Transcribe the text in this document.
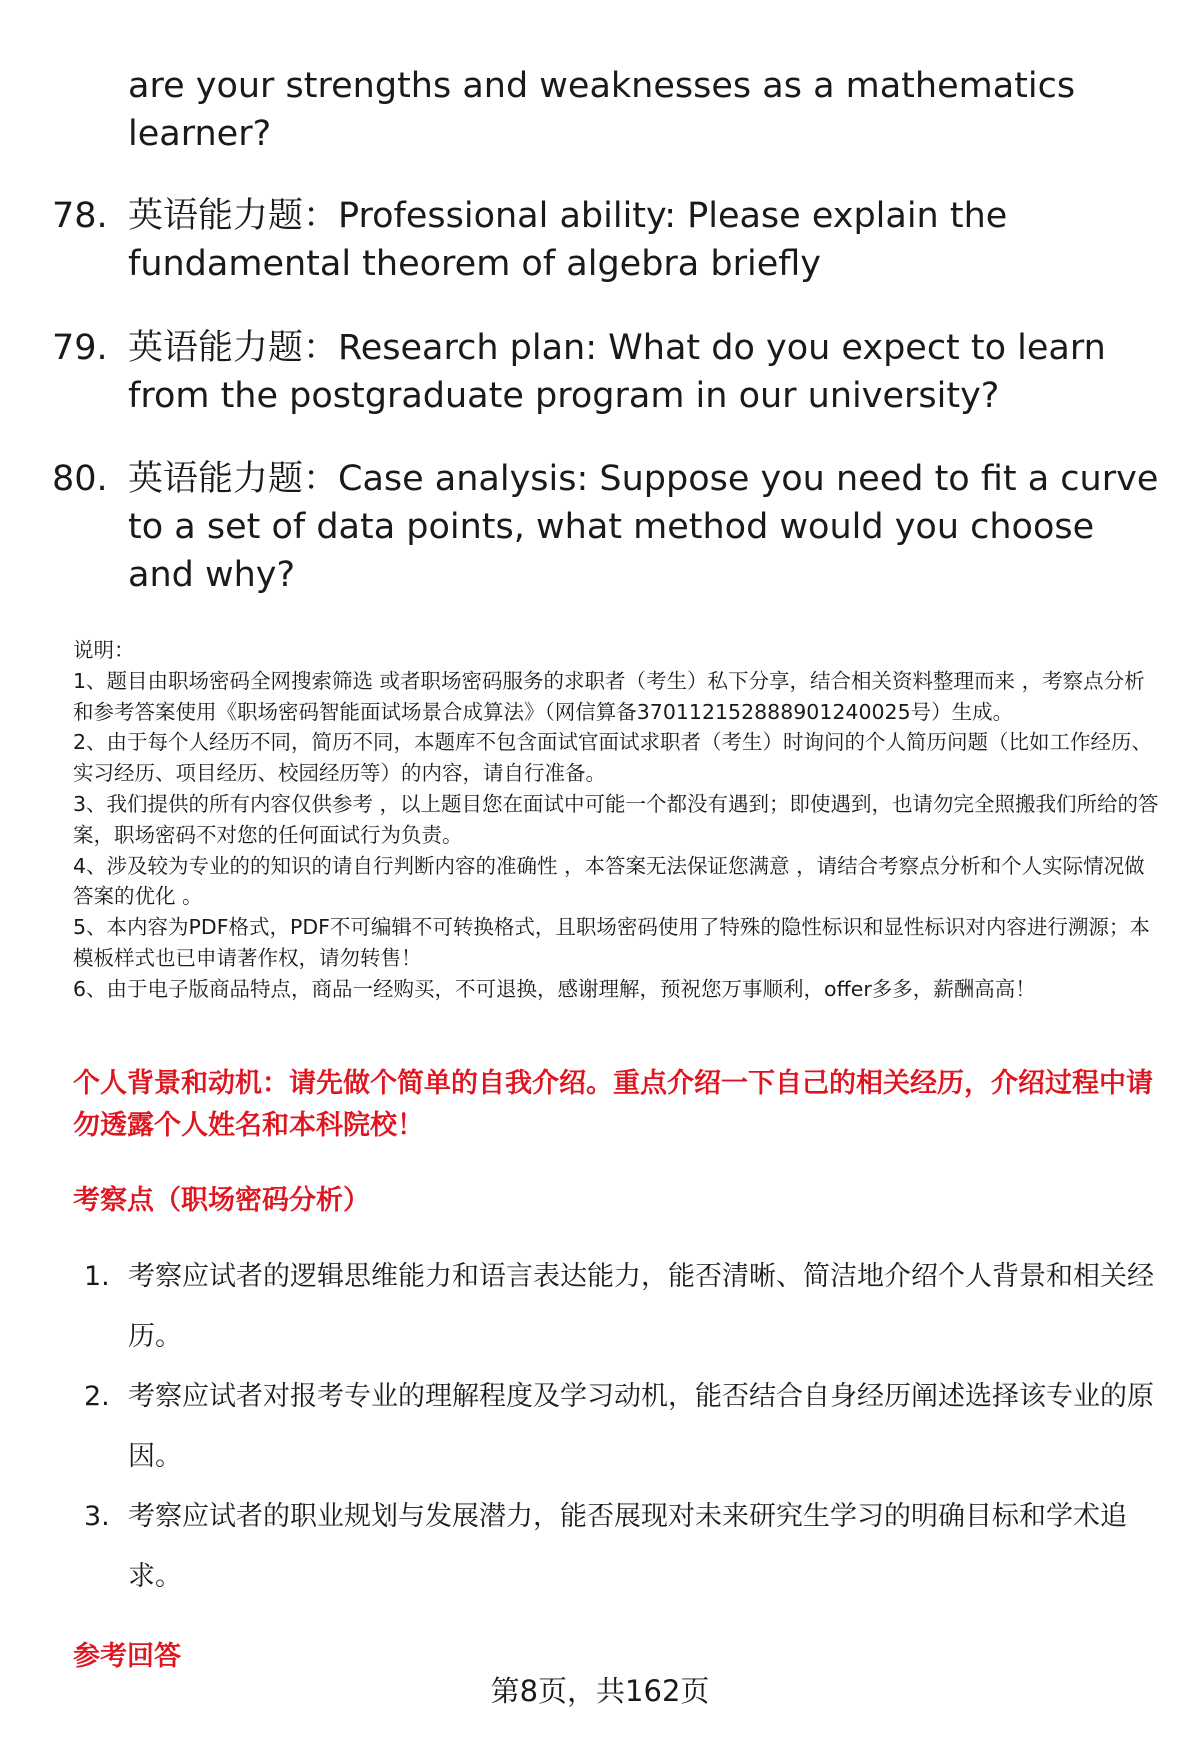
are your strengths and weaknesses as a mathematics learner?
78. 英语能力题：Professional ability: Please explain the fundamental theorem of algebra briefly
79. 英语能力题：Research plan: What do you expect to learn from the postgraduate program in our university?
80. 英语能力题：Case analysis: Suppose you need to fit a curve to a set of data points, what method would you choose and why?

说明：

1、题目由职场密码全网搜索筛选 或者职场密码服务的求职者（考生）私下分享，结合相关资料整理而来 ，考察点分析和参考答案使用《职场密码智能面试场景合成算法》（网信算备370112152888901240025号）生成。

2、由于每个人经历不同，简历不同，本题库不包含面试官面试求职者（考生）时询问的个人简历问题（比如工作经历、实习经历、项目经历、校园经历等）的内容，请自行准备。

3、我们提供的所有内容仅供参考 ，以上题目您在面试中可能一个都没有遇到；即使遇到，也请勿完全照搬我们所给的答案，职场密码不对您的任何面试行为负责。

4、涉及较为专业的的知识的请自行判断内容的准确性 ，本答案无法保证您满意 ，请结合考察点分析和个人实际情况做答案的优化 。

5、本内容为PDF格式，PDF不可编辑不可转换格式，且职场密码使用了特殊的隐性标识和显性标识对内容进行溯源；本模板样式也已申请著作权，请勿转售！

6、由于电子版商品特点，商品一经购买，不可退换，感谢理解，预祝您万事顺利，offer多多，薪酬高高！

个人背景和动机：请先做个简单的自我介绍。重点介绍一下自己的相关经历，介绍过程中请勿透露个人姓名和本科院校！
考察点（职场密码分析）
1. 考察应试者的逻辑思维能力和语言表达能力，能否清晰、简洁地介绍个人背景和相关经历。
2. 考察应试者对报考专业的理解程度及学习动机，能否结合自身经历阐述选择该专业的原因。
3. 考察应试者的职业规划与发展潜力，能否展现对未来研究生学习的明确目标和学术追求。
参考回答
第8页，共162页
